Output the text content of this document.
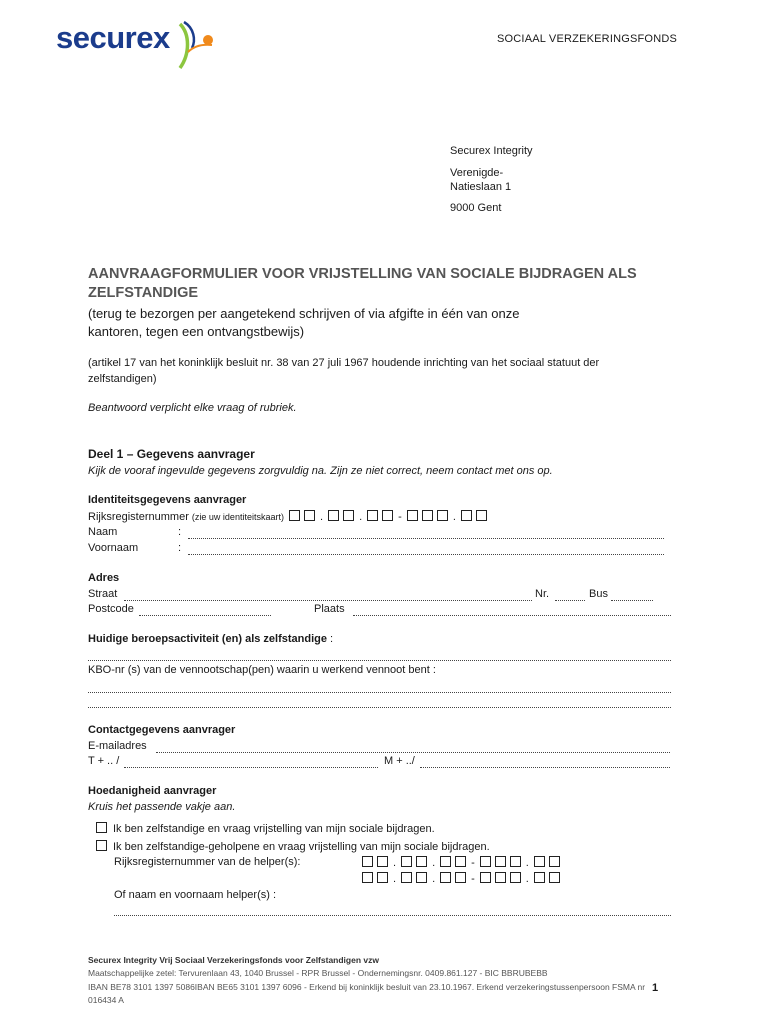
securex	SOCIAAL VERZEKERINGSFONDS
Securex Integrity
Verenigde-
Natieslaan 1
9000 Gent
AANVRAAGFORMULIER VOOR VRIJSTELLING VAN SOCIALE BIJDRAGEN ALS
ZELFSTANDIGE
(terug te bezorgen per aangetekend schrijven of via afgifte in één van onze
kantoren, tegen een ontvangstbewijs)
(artikel 17 van het koninklijk besluit nr. 38 van 27 juli 1967 houdende inrichting van het sociaal statuut der
zelfstandigen)
Beantwoord verplicht elke vraag of rubriek.
Deel 1 – Gegevens aanvrager
Kijk de vooraf ingevulde gegevens zorgvuldig na. Zijn ze niet correct, neem contact met ons op.
Identiteitsgegevens aanvrager
Rijksregisternummer (zie uw identiteitskaart)	.	.	-	.
Naam	:
Voornaam	:
Adres
Straat	Nr.	Bus
Postcode	Plaats
Huidige beroepsactiviteit (en) als zelfstandige :
KBO-nr (s) van de vennootschap(pen) waarin u werkend vennoot bent :
Contactgegevens aanvrager
E-mailadres
T + .. /	M + ../
Hoedanigheid aanvrager
Kruis het passende vakje aan.
Ik ben zelfstandige en vraag vrijstelling van mijn sociale bijdragen.
Ik ben zelfstandige-geholpene en vraag vrijstelling van mijn sociale bijdragen.
Rijksregisternummer van de helper(s):	.	.	-	.
.	.	-	.
Of naam en voornaam helper(s) :
Securex Integrity Vrij Sociaal Verzekeringsfonds voor Zelfstandigen vzw
Maatschappelijke zetel: Tervurenlaan 43, 1040 Brussel - RPR Brussel - Ondernemingsnr. 0409.861.127 - BIC BBRUBEBB
IBAN BE78 3101 1397 5086IBAN BE65 3101 1397 6096 - Erkend bij koninklijk besluit van 23.10.1967. Erkend verzekeringstussenpersoon FSMA nr
016434 A
1
